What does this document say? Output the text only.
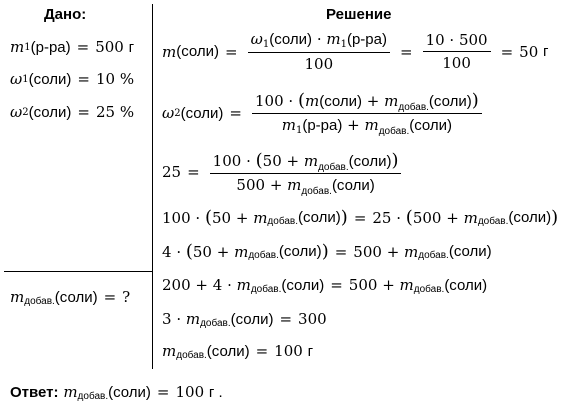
Дано:	Решение
m 1 (р-ра) = 500
г
ω 1 (соли) = 10 %
ω 2 (соли) = 25 %
m добав. (соли) = ?
m (соли) = $\frac{\omega_1(соли) \cdot m_1(р-ра)}{100} = \frac{10 \cdot 500}{100} = 50$
г
ω 2 (соли) = $\frac{100 \cdot (m(соли) + m_{добав.}(соли))}{m_1(р-ра) + m_{добав.}(соли)}$
$25 = \frac{100 \cdot (50 + m_{добав.}(соли))}{500 + m_{добав.}(соли)}$
100 · ( 50 + m добав. (соли) ) = 25 · ( 500 + m добав. (соли) )
4 · ( 50 + m добав. (соли) ) = 500 + m добав. (соли)
200 + 4 · m добав. (соли) = 500 + m добав. (соли)
3 · m добав. (соли) = 300
m добав. (соли) = 100
г
Ответ:
m добав. (соли) = 100
г .
